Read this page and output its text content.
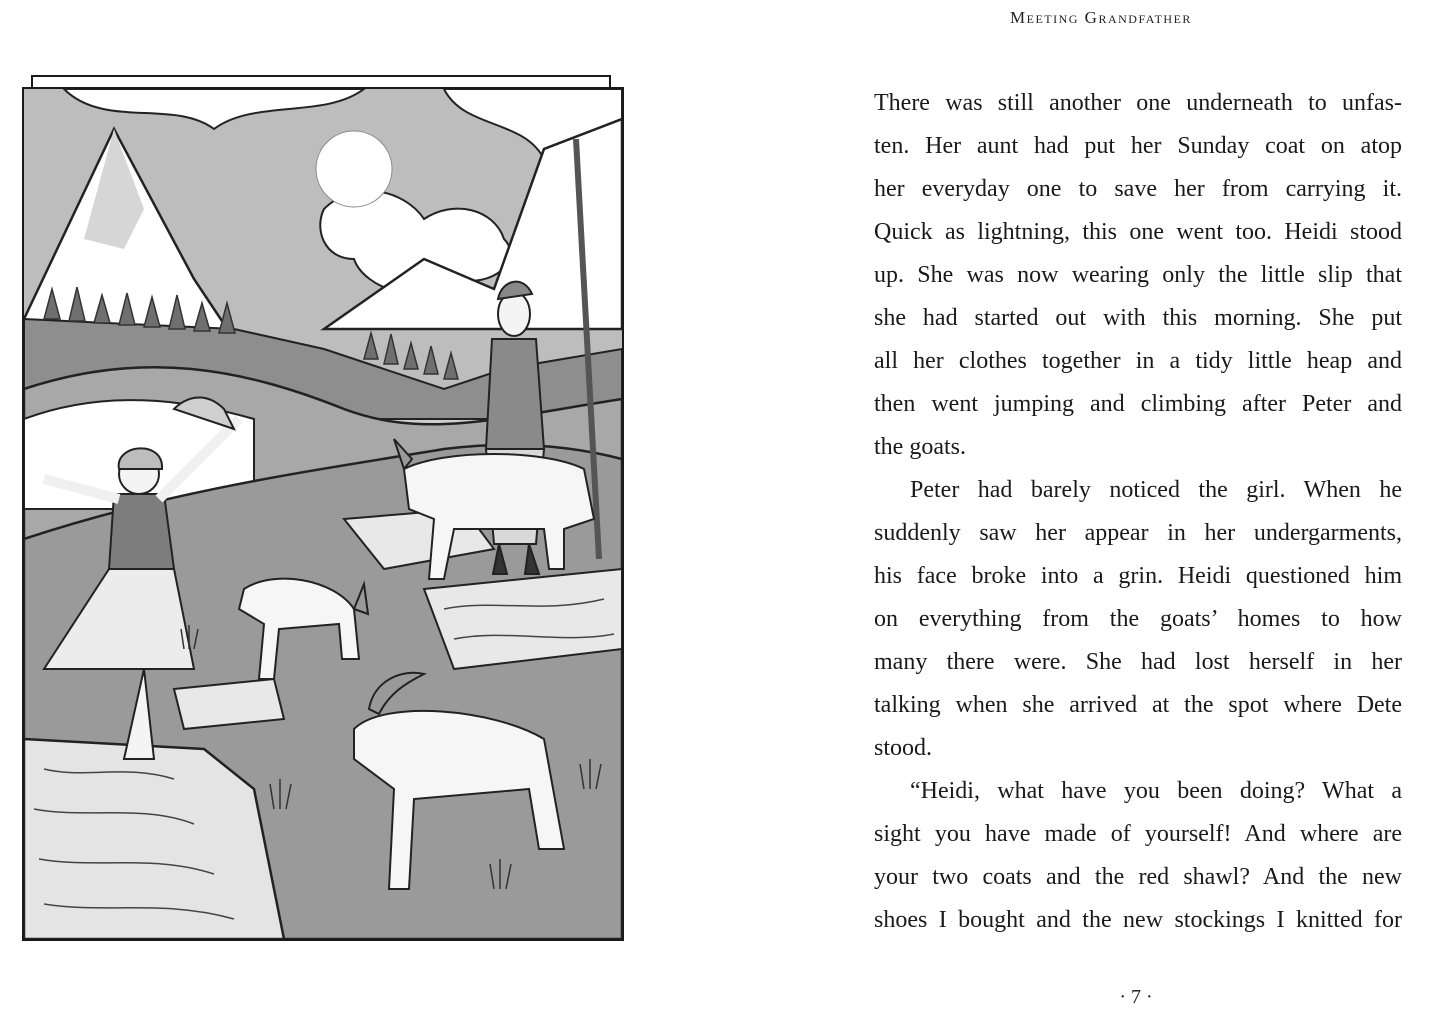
Meeting Grandfather
There was still another one underneath to unfas-
ten. Her aunt had put her Sunday coat on atop
her everyday one to save her from carrying it.
Quick as lightning, this one went too. Heidi stood
up. She was now wearing only the little slip that
she had started out with this morning. She put
all her clothes together in a tidy little heap and
then went jumping and climbing after Peter and
the goats.
Peter had barely noticed the girl. When he
suddenly saw her appear in her undergarments,
his face broke into a grin. Heidi questioned him
on everything from the goats’ homes to how
many there were. She had lost herself in her
talking when she arrived at the spot where Dete
stood.
“Heidi, what have you been doing? What a
sight you have made of yourself! And where are
your two coats and the red shawl? And the new
shoes I bought and the new stockings I knitted for
· 7 ·
